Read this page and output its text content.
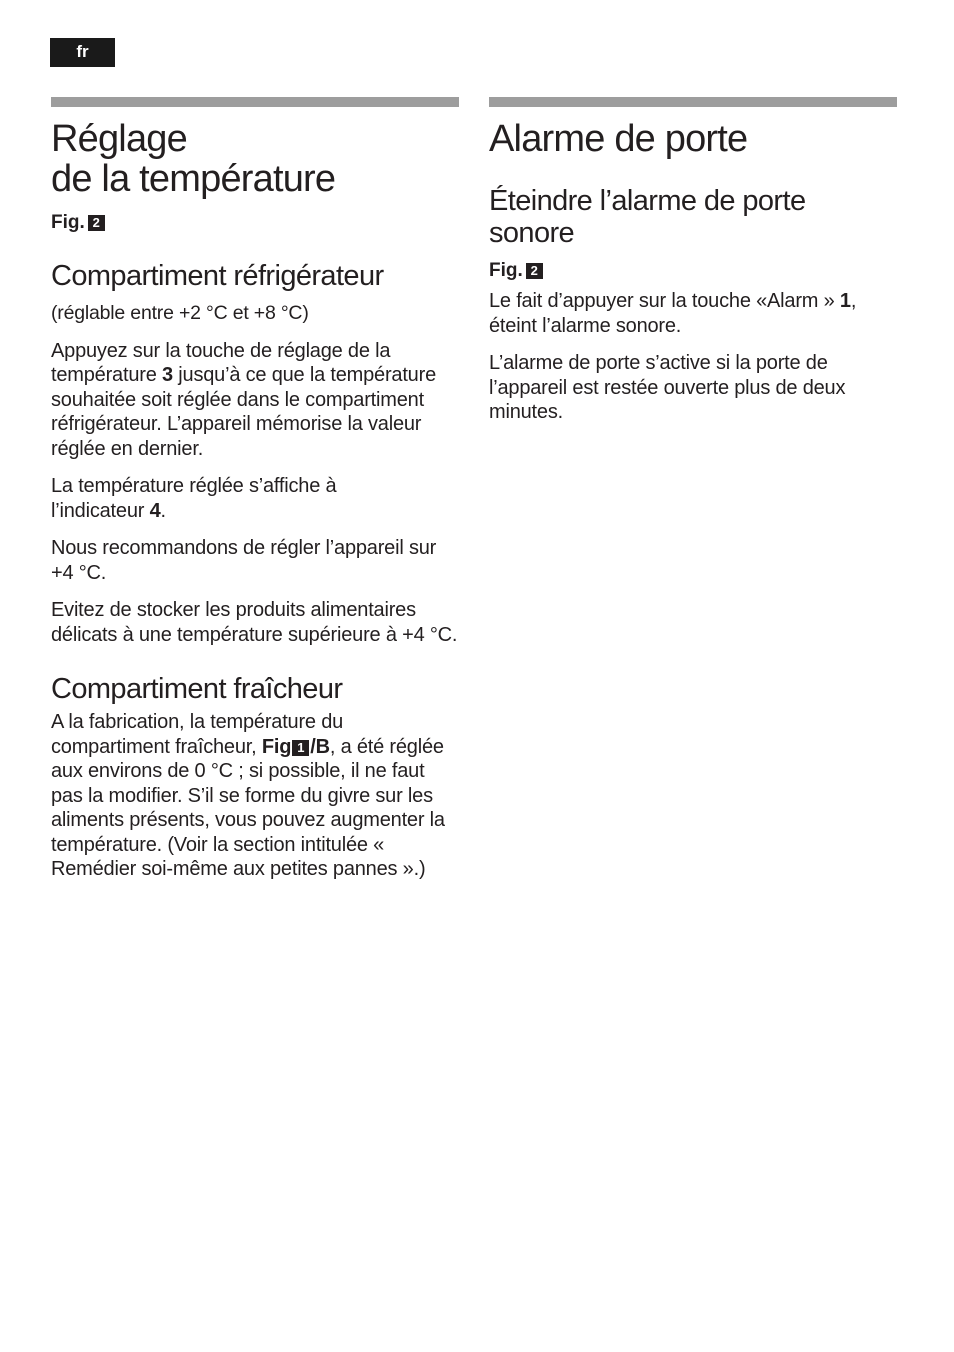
fr
Réglage
de la température
Fig. 2
Compartiment réfrigérateur

(réglable entre +2 °C et +8 °C)

Appuyez sur la touche de réglage de la température 3 jusqu’à ce que la température souhaitée soit réglée dans le compartiment réfrigérateur. L’appareil mémorise la valeur réglée en dernier.

La température réglée s’affiche à l’indicateur 4.

Nous recommandons de régler l’appareil sur +4 °C.

Evitez de stocker les produits alimentaires délicats à une température supérieure à +4 °C.

Compartiment fraîcheur

A la fabrication, la température du compartiment fraîcheur, Fig 1 /B, a été réglée aux environs de 0 °C ; si possible, il ne faut pas la modifier. S’il se forme du givre sur les aliments présents, vous pouvez augmenter la température. (Voir la section intitulée « Remédier soi-même aux petites pannes ».)

Alarme de porte
Éteindre l’alarme de porte sonore
Fig. 2

Le fait d’appuyer sur la touche «Alarm » 1, éteint l’alarme sonore.

L’alarme de porte s’active si la porte de l’appareil est restée ouverte plus de deux minutes.
